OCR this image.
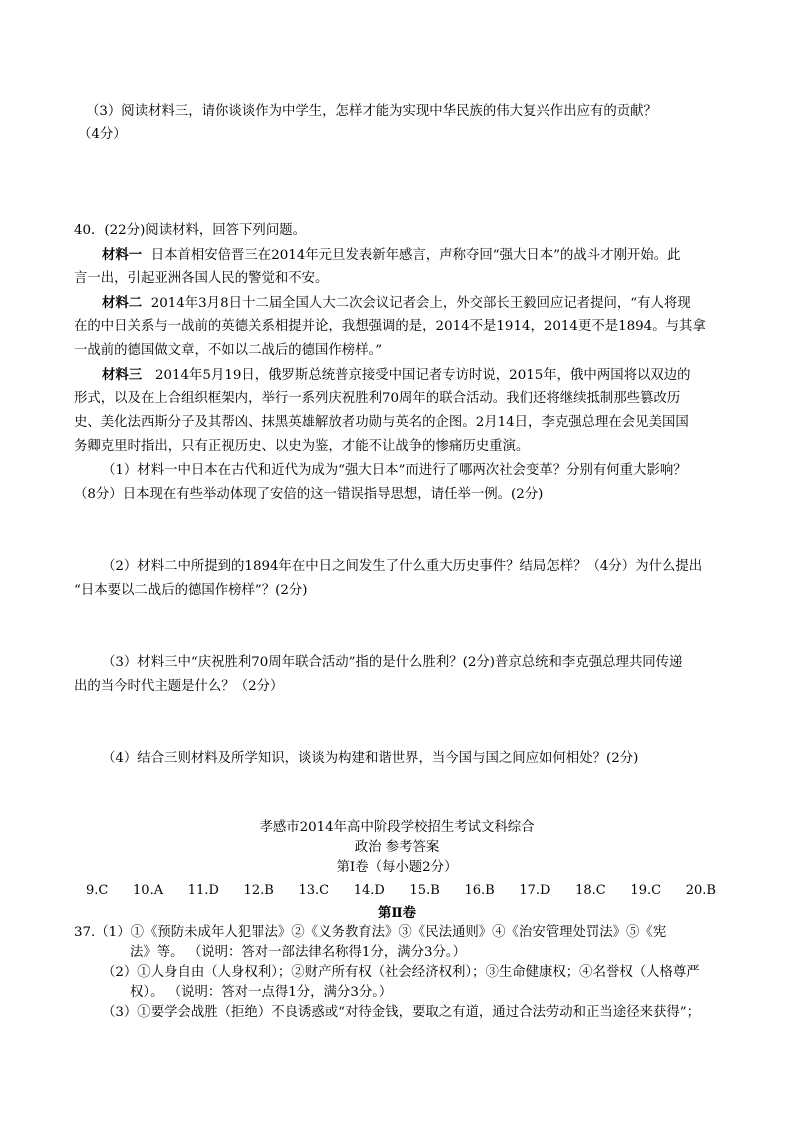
（3）阅读材料三，请你谈谈作为中学生，怎样才能为实现中华民族的伟大复兴作出应有的贡献？
（4分）
40．(22分)阅读材料，回答下列问题。
材料一 日本首相安倍晋三在2014年元旦发表新年感言，声称夺回“强大日本”的战斗才刚开始。此
言一出，引起亚洲各国人民的警觉和不安。
材料二 2014年3月8日十二届全国人大二次会议记者会上，外交部长王毅回应记者提问，“有人将现
在的中日关系与一战前的英德关系相提并论，我想强调的是，2014不是1914，2014更不是1894。与其拿
一战前的德国做文章，不如以二战后的德国作榜样。”
材料三 2014年5月19日，俄罗斯总统普京接受中国记者专访时说，2015年，俄中两国将以双边的
形式，以及在上合组织框架内，举行一系列庆祝胜利70周年的联合活动。我们还将继续抵制那些篡改历
史、美化法西斯分子及其帮凶、抹黑英雄解放者功勋与英名的企图。2月14日，李克强总理在会见美国国
务卿克里时指出，只有正视历史、以史为鉴，才能不让战争的惨痛历史重演。
（1）材料一中日本在古代和近代为成为“强大日本”而进行了哪两次社会变革？分别有何重大影响？
（8分）日本现在有些举动体现了安倍的这一错误指导思想，请任举一例。(2分)
（2）材料二中所提到的1894年在中日之间发生了什么重大历史事件？结局怎样？（4分）为什么提出
“日本要以二战后的德国作榜样”？(2分)
（3）材料三中“庆祝胜利70周年联合活动”指的是什么胜利？(2分)普京总统和李克强总理共同传递
出的当今时代主题是什么？（2分）
（4）结合三则材料及所学知识，谈谈为构建和谐世界，当今国与国之间应如何相处？(2分)
孝感市2014年高中阶段学校招生考试文科综合
政治 参考答案
第Ⅰ卷（每小题2分）
9.C 10.A 11.D 12.B 13.C 14.D 15.B 16.B 17.D 18.C 19.C 20.B
第Ⅱ卷
37.（1）①《预防未成年人犯罪法》②《义务教育法》③《民法通则》④《治安管理处罚法》⑤《宪
法》等。 （说明：答对一部法律名称得1分，满分3分。）
（2）①人身自由（人身权利）；②财产所有权（社会经济权利）；③生命健康权；④名誉权（人格尊严
权）。 （说明：答对一点得1分，满分3分。）
（3）①要学会战胜（拒绝）不良诱惑或“对待金钱，要取之有道，通过合法劳动和正当途径来获得”；
